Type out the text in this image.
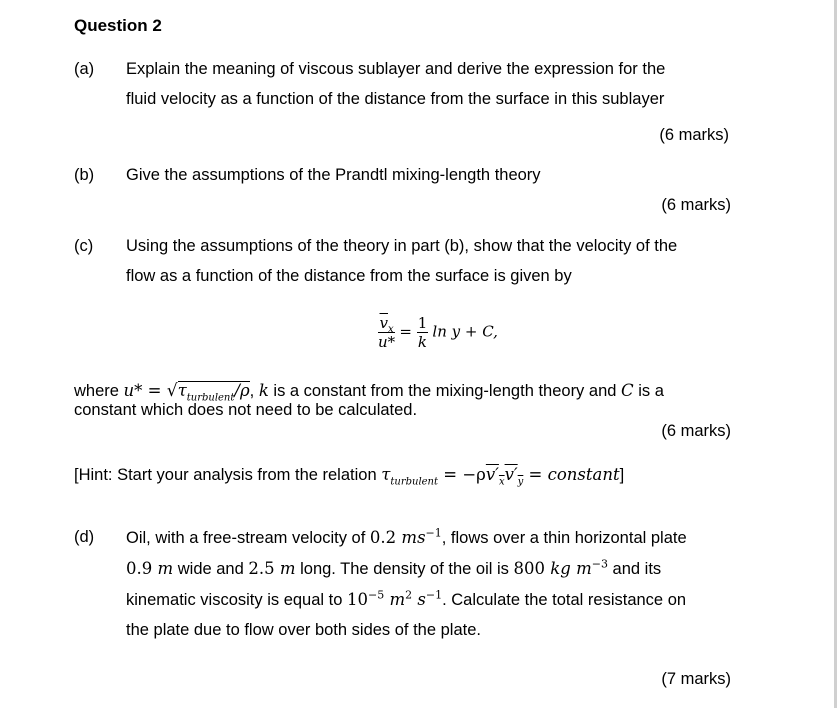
Question 2
(a) Explain the meaning of viscous sublayer and derive the expression for the
fluid velocity as a function of the distance from the surface in this sublayer
(6 marks)
(b) Give the assumptions of the Prandtl mixing-length theory
(6 marks)
(c) Using the assumptions of the theory in part (b), show that the velocity of the
flow as a function of the distance from the surface is given by
$\frac{\overline{v}_x}{u*} = \frac{1}{k}$ ln y + C,
where $u* = √\tau_{turbulent}/\rho$, k is a constant from the mixing-length theory and C is a
constant which does not need to be calculated.
(6 marks)
[Hint: Start your analysis from the relation $\tau_{turbulent} = -\rho v'_xv'_y$ = constant]
(d) Oil, with a free-stream velocity of 0.2 $ms^{-1}$, flows over a thin horizontal plate
0.9 m wide and 2.5 m long. The density of the oil is 800 kg $m^{-3}$ and its
kinematic viscosity is equal to $10^{-5}$ $m^2$ $s^{-1}$. Calculate the total resistance on
the plate due to flow over both sides of the plate.
(7 marks)
